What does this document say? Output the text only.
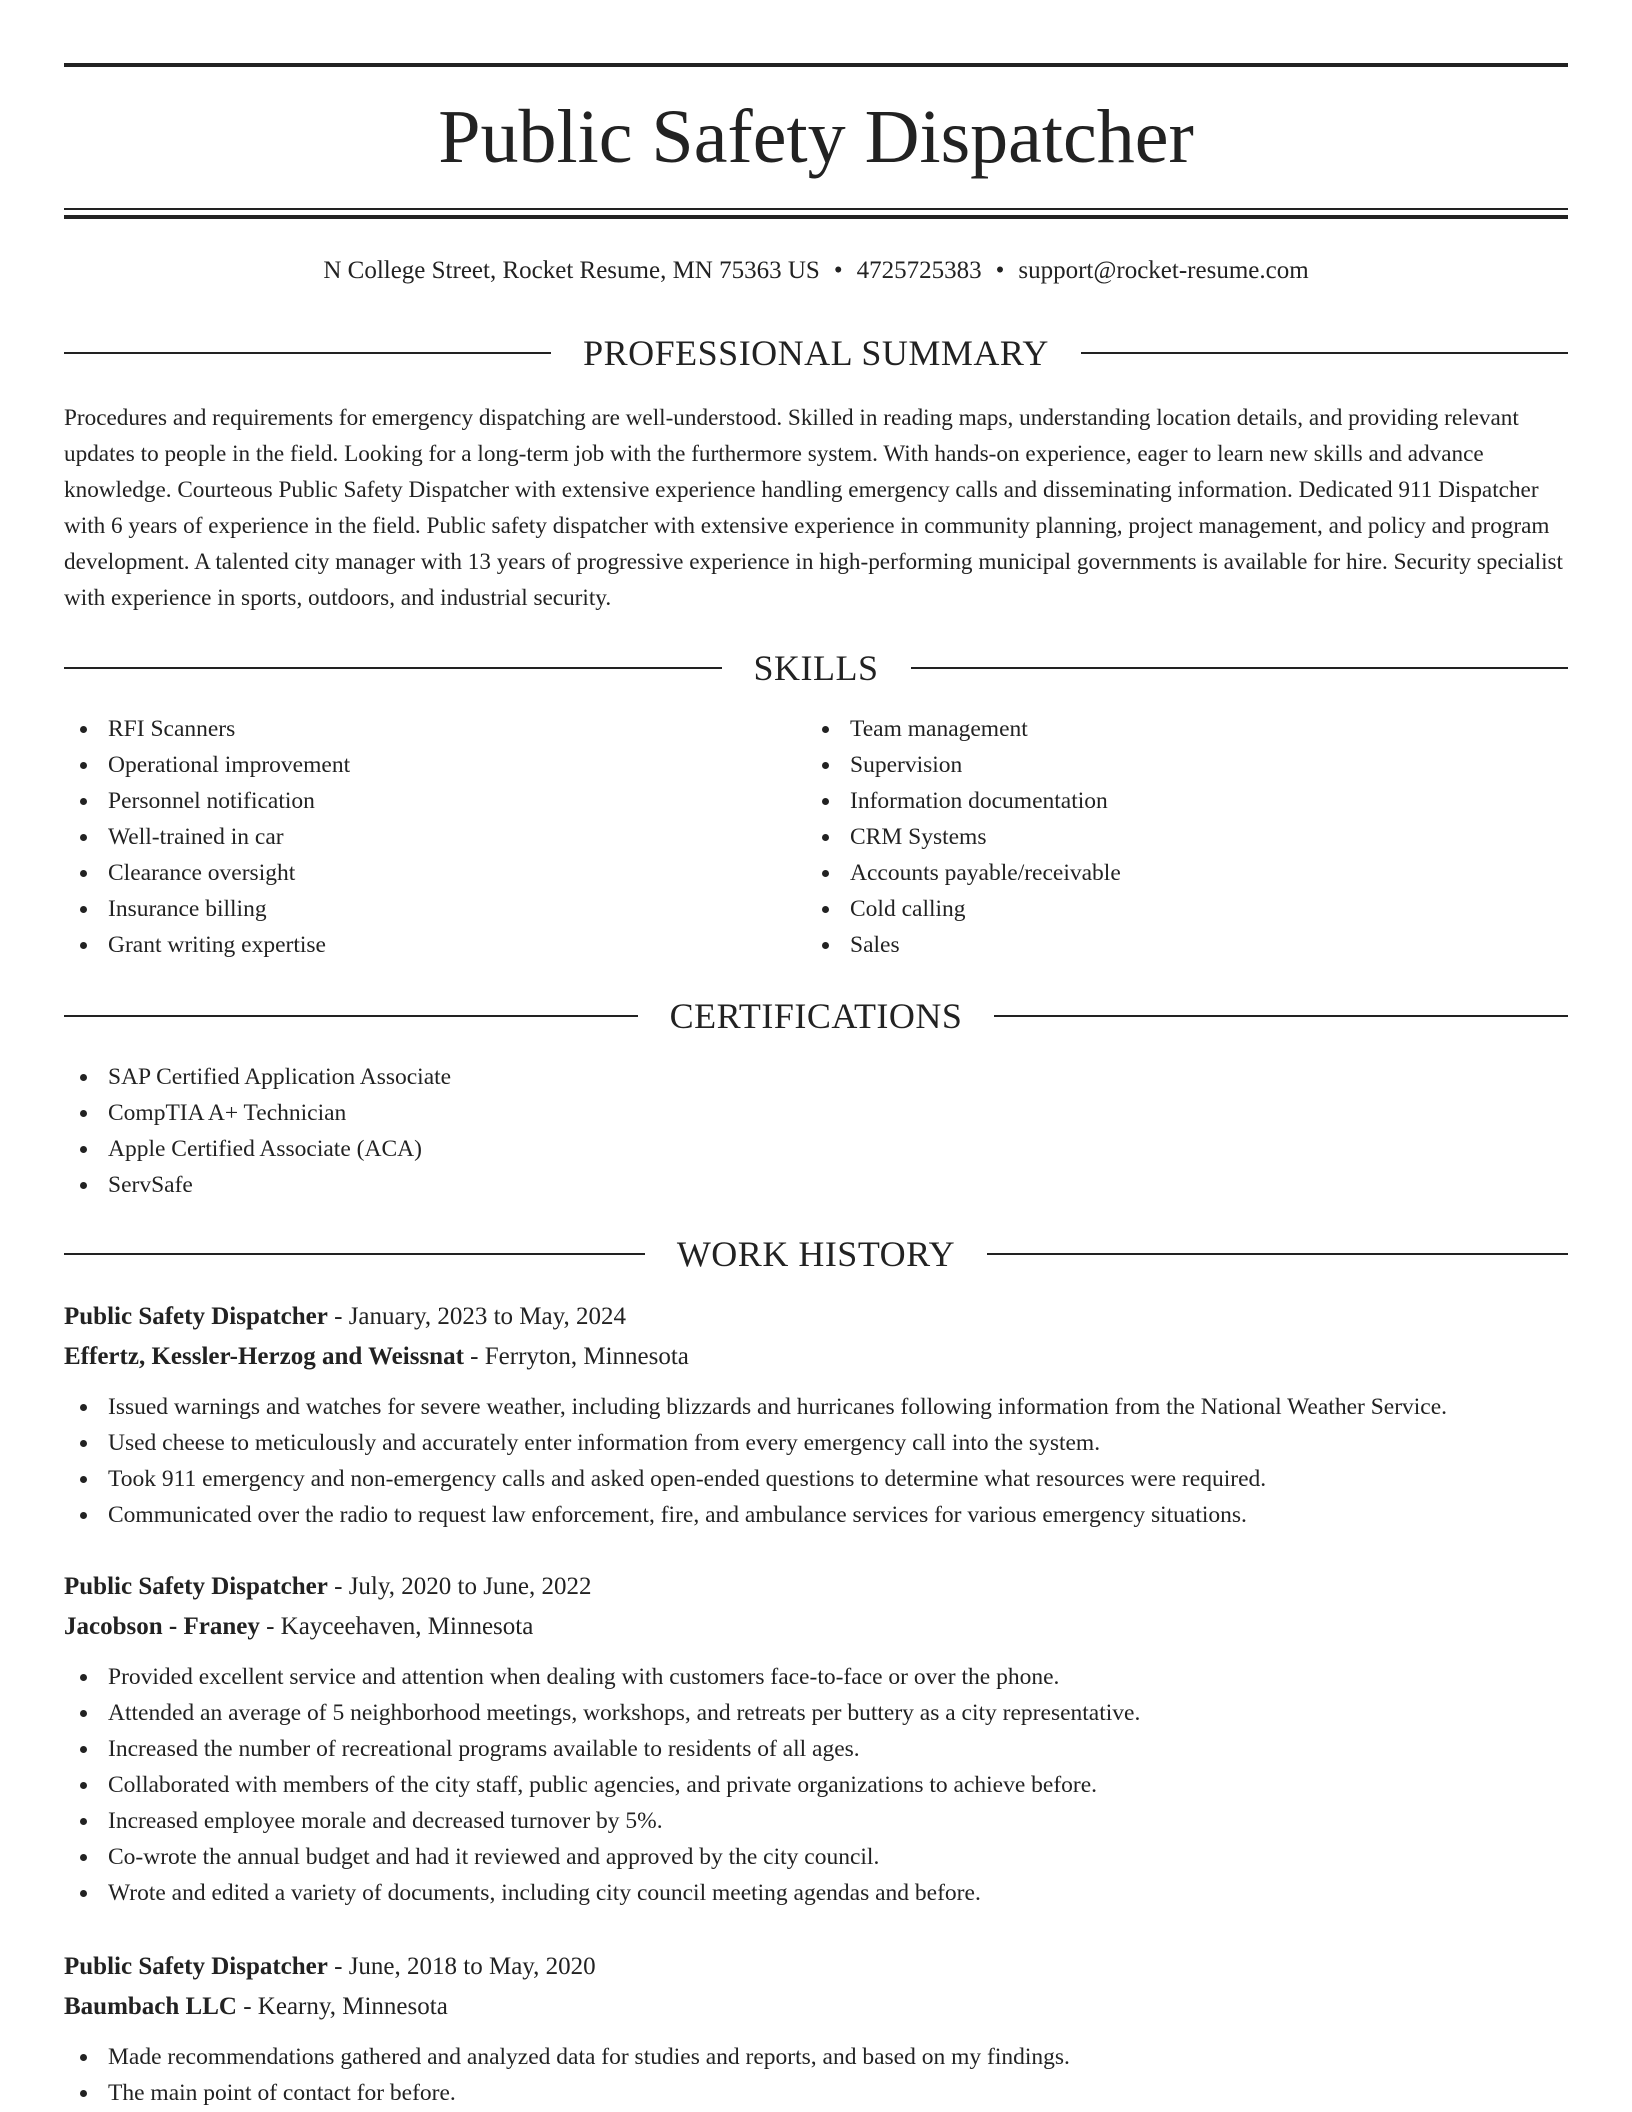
Public Safety Dispatcher
N College Street, Rocket Resume, MN 75363 US • 4725725383 • support@rocket-resume.com
PROFESSIONAL SUMMARY

Procedures and requirements for emergency dispatching are well-understood. Skilled in reading maps, understanding location details, and providing relevant updates to people in the field. Looking for a long-term job with the furthermore system. With hands-on experience, eager to learn new skills and advance knowledge. Courteous Public Safety Dispatcher with extensive experience handling emergency calls and disseminating information. Dedicated 911 Dispatcher with 6 years of experience in the field. Public safety dispatcher with extensive experience in community planning, project management, and policy and program development. A talented city manager with 13 years of progressive experience in high-performing municipal governments is available for hire. Security specialist with experience in sports, outdoors, and industrial security.

SKILLS
RFI Scanners
Operational improvement
Personnel notification
Well-trained in car
Clearance oversight
Insurance billing
Grant writing expertise
Team management
Supervision
Information documentation
CRM Systems
Accounts payable/receivable
Cold calling
Sales
CERTIFICATIONS
SAP Certified Application Associate
CompTIA A+ Technician
Apple Certified Associate (ACA)
ServSafe
WORK HISTORY
Public Safety Dispatcher - January, 2023 to May, 2024
Effertz, Kessler-Herzog and Weissnat - Ferryton, Minnesota
Issued warnings and watches for severe weather, including blizzards and hurricanes following information from the National Weather Service.
Used cheese to meticulously and accurately enter information from every emergency call into the system.
Took 911 emergency and non-emergency calls and asked open-ended questions to determine what resources were required.
Communicated over the radio to request law enforcement, fire, and ambulance services for various emergency situations.
Public Safety Dispatcher - July, 2020 to June, 2022
Jacobson - Franey - Kayceehaven, Minnesota
Provided excellent service and attention when dealing with customers face-to-face or over the phone.
Attended an average of 5 neighborhood meetings, workshops, and retreats per buttery as a city representative.
Increased the number of recreational programs available to residents of all ages.
Collaborated with members of the city staff, public agencies, and private organizations to achieve before.
Increased employee morale and decreased turnover by 5%.
Co-wrote the annual budget and had it reviewed and approved by the city council.
Wrote and edited a variety of documents, including city council meeting agendas and before.
Public Safety Dispatcher - June, 2018 to May, 2020
Baumbach LLC - Kearny, Minnesota
Made recommendations gathered and analyzed data for studies and reports, and based on my findings.
The main point of contact for before.
